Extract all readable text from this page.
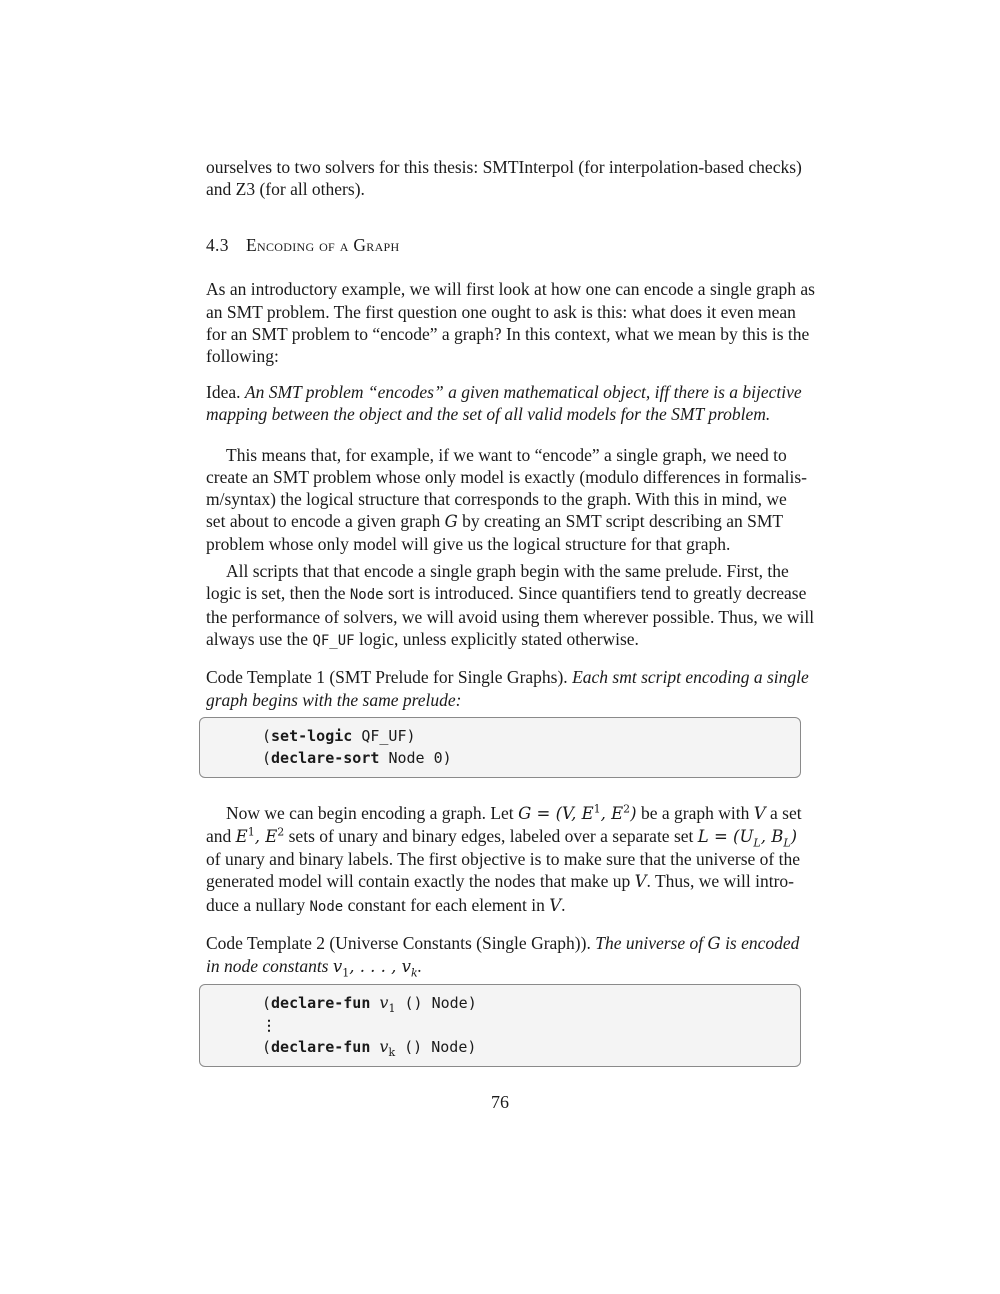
ourselves to two solvers for this thesis: SMTInterpol (for interpolation-based checks)
and Z3 (for all others).
4.3 Encoding of a Graph
As an introductory example, we will first look at how one can encode a single graph as
an SMT problem. The first question one ought to ask is this: what does it even mean
for an SMT problem to “encode” a graph? In this context, what we mean by this is the
following:
Idea. An SMT problem “encodes” a given mathematical object, iff there is a bijective
mapping between the object and the set of all valid models for the SMT problem.
This means that, for example, if we want to “encode” a single graph, we need to
create an SMT problem whose only model is exactly (modulo differences in formalis-
m/syntax) the logical structure that corresponds to the graph. With this in mind, we
set about to encode a given graph G by creating an SMT script describing an SMT
problem whose only model will give us the logical structure for that graph.
All scripts that that encode a single graph begin with the same prelude. First, the
logic is set, then the Node sort is introduced. Since quantifiers tend to greatly decrease
the performance of solvers, we will avoid using them wherever possible. Thus, we will
always use the QF_UF logic, unless explicitly stated otherwise.
Code Template 1 (SMT Prelude for Single Graphs). Each smt script encoding a single
graph begins with the same prelude:
(set-logic QF_UF)
(declare-sort Node 0)
Now we can begin encoding a graph. Let G = (V, $E^1$, $E^2$) be a graph with V a set
and $E^1$, $E^2$ sets of unary and binary edges, labeled over a separate set $L = (U_L$, $B_L$)
of unary and binary labels. The first objective is to make sure that the universe of the
generated model will contain exactly the nodes that make up V. Thus, we will intro-
duce a nullary Node constant for each element in V.
Code Template 2 (Universe Constants (Single Graph)). The universe of G is encoded
in node constants $v_1$, . . . , $v_k$.
(declare-fun $v_1$ () Node)
⋮
(declare-fun $v_k$ () Node)
76
